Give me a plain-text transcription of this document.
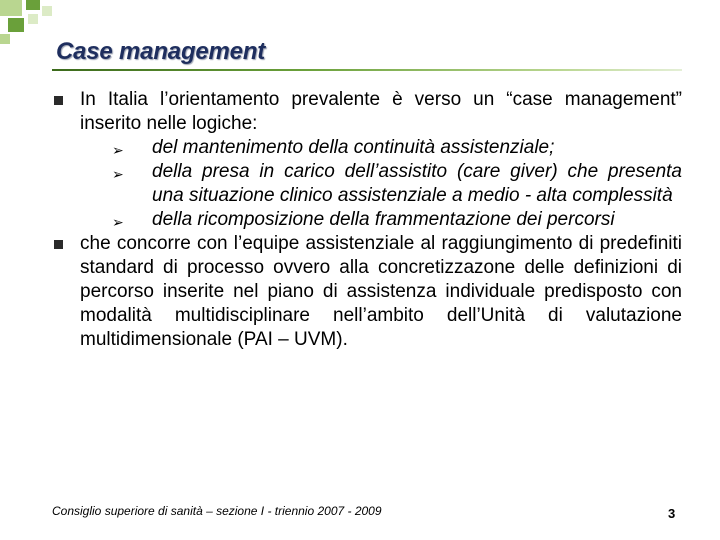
Case management
In Italia l’orientamento prevalente è verso un “case management” inserito nelle logiche:
➢ del mantenimento della continuità assistenziale;
➢ della presa in carico dell’assistito (care giver) che presenta una situazione clinico assistenziale a medio - alta complessità
➢ della ricomposizione della frammentazione dei percorsi
che concorre con l’equipe assistenziale al raggiungimento di predefiniti standard di processo ovvero alla concretizzazone delle definizioni di percorso inserite nel piano di assistenza individuale predisposto con modalità multidisciplinare nell’ambito dell’Unità di valutazione multidimensionale (PAI – UVM).
Consiglio superiore di sanità – sezione I - triennio 2007 - 2009	3
